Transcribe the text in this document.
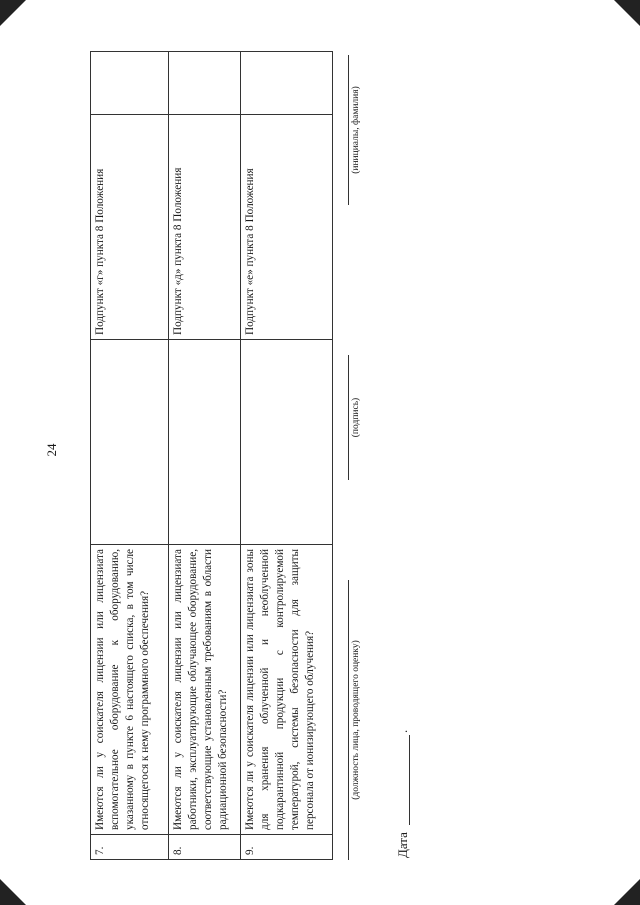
24
7.	Имеются ли у соискателя лицензии или лицензиата вспомогательное оборудование к оборудованию, указанному в пункте 6 настоящего списка, в том числе относящегося к нему программного обеспечения?		Подпункт «г» пункта 8 Положения	
8.	Имеются ли у соискателя лицензии или лицензиата работники, эксплуатирующие облучающее оборудование, соответствующие установленным требованиям в области радиационной безопасности?		Подпункт «д» пункта 8 Положения	
9.	Имеются ли у соискателя лицензии или лицензиата зоны для хранения облученной и необлученной подкарантинной продукции с контролируемой температурой, системы безопасности для защиты персонала от ионизирующего облучения?		Подпункт «е» пункта 8 Положения	
(должность лица, проводящего оценку)
(подпись)
(инициалы, фамилия)
Дата
.
